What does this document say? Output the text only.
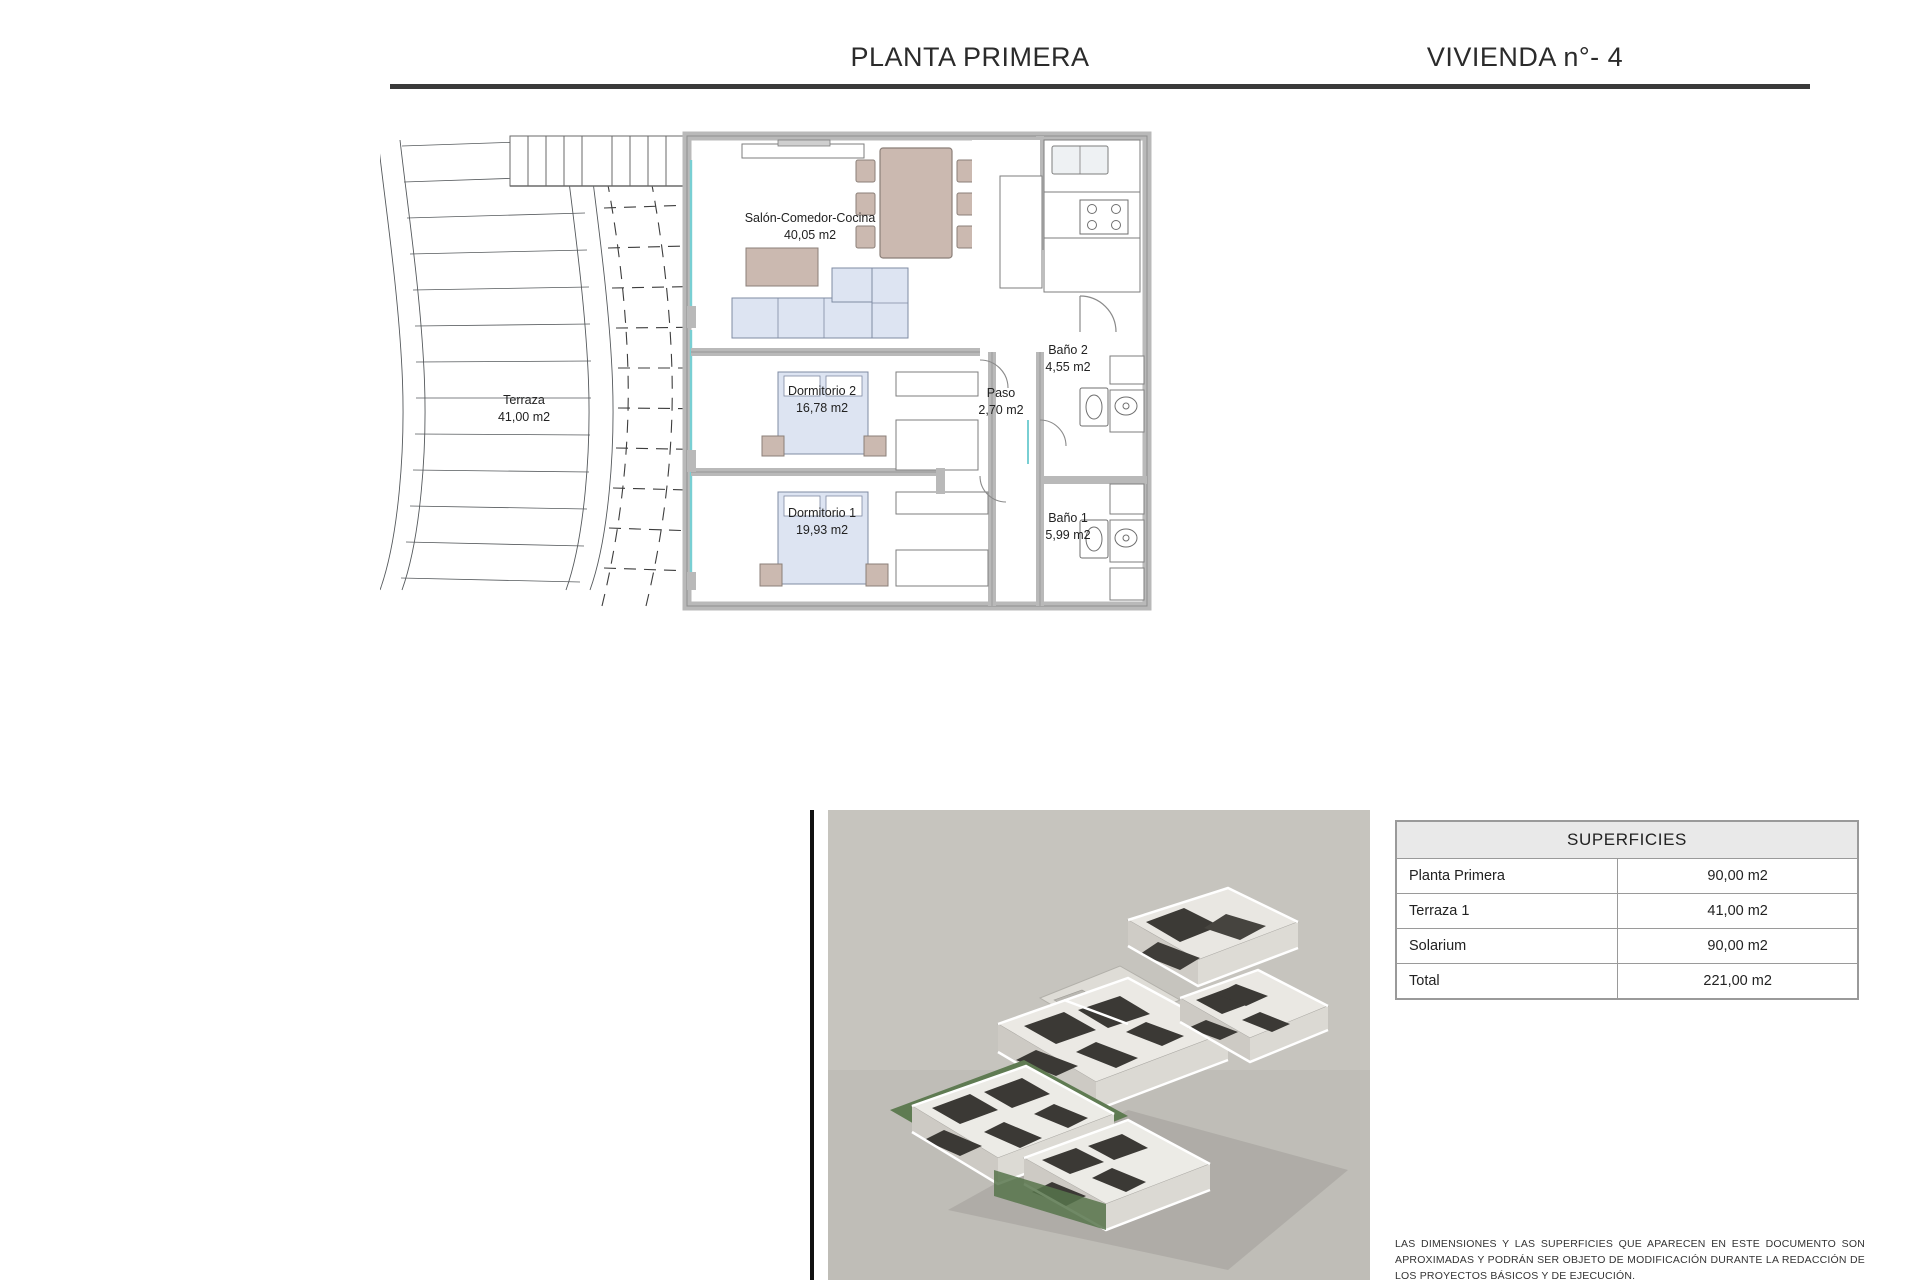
PLANTA PRIMERA	VIVIENDA n°- 4
Terraza
41,00 m2
Salón-Comedor-Cocina
40,05 m2
Dormitorio 2
16,78 m2
Dormitorio 1
19,93 m2
Paso
2,70 m2
Baño 2
4,55 m2
Baño 1
5,99 m2
SUPERFICIES	
Planta Primera	90,00 m2
Terraza 1	41,00 m2
Solarium	90,00 m2
Total	221,00 m2
LAS DIMENSIONES Y LAS SUPERFICIES QUE APARECEN EN ESTE DOCUMENTO SON APROXIMADAS Y PODRÁN SER OBJETO DE MODIFICACIÓN DURANTE LA REDACCIÓN DE LOS PROYECTOS BÁSICOS Y DE EJECUCIÓN.
